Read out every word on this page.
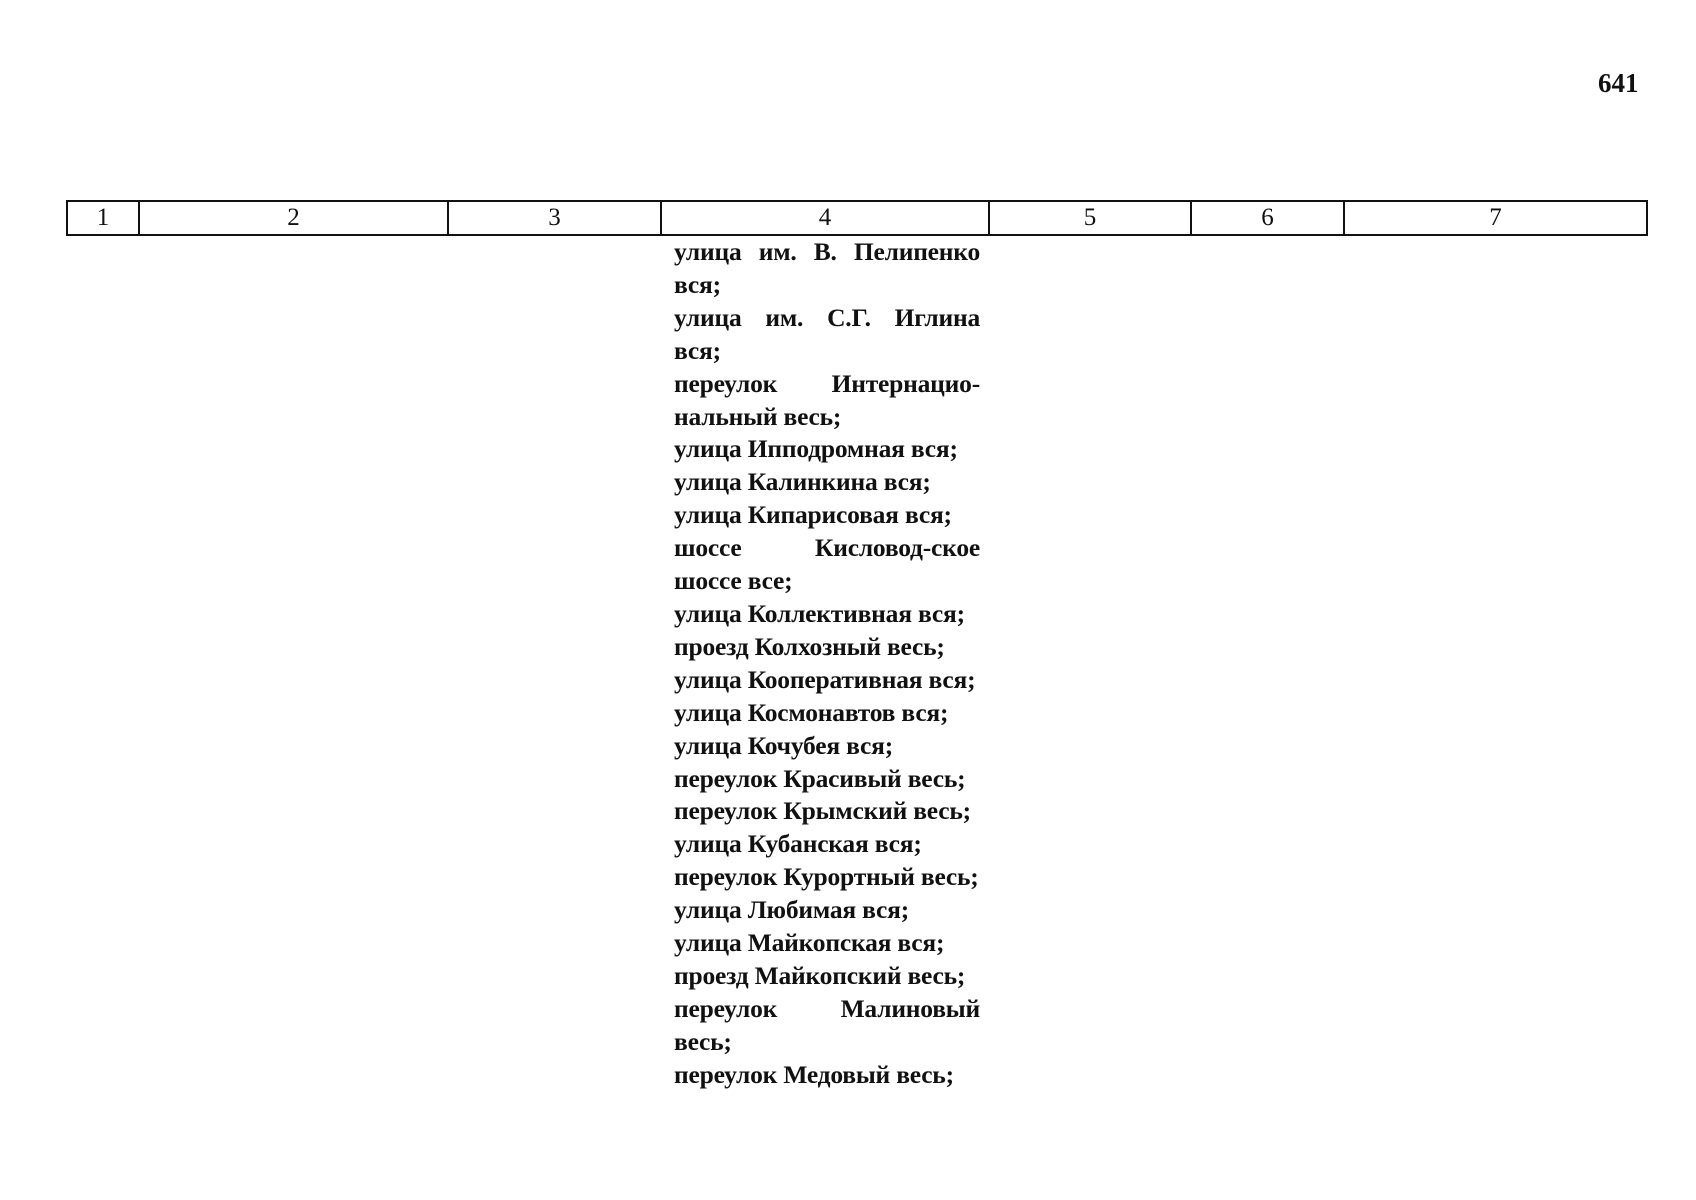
641
1	2	3	4	5	6	7

улица им. В. Пелипенко вся;

улица им. С.Г. Иглина вся;

переулок Интернацио-нальный весь;

улица Ипподромная вся;

улица Калинкина вся;

улица Кипарисовая вся;

шоссе Кисловод-ское шоссе все;

улица Коллективная вся;

проезд Колхозный весь;

улица Кооперативная вся;

улица Космонавтов вся;

улица Кочубея вся;

переулок Красивый весь;

переулок Крымский весь;

улица Кубанская вся;

переулок Курортный весь;

улица Любимая вся;

улица Майкопская вся;

проезд Майкопский весь;

переулок Малиновый весь;

переулок Медовый весь;
